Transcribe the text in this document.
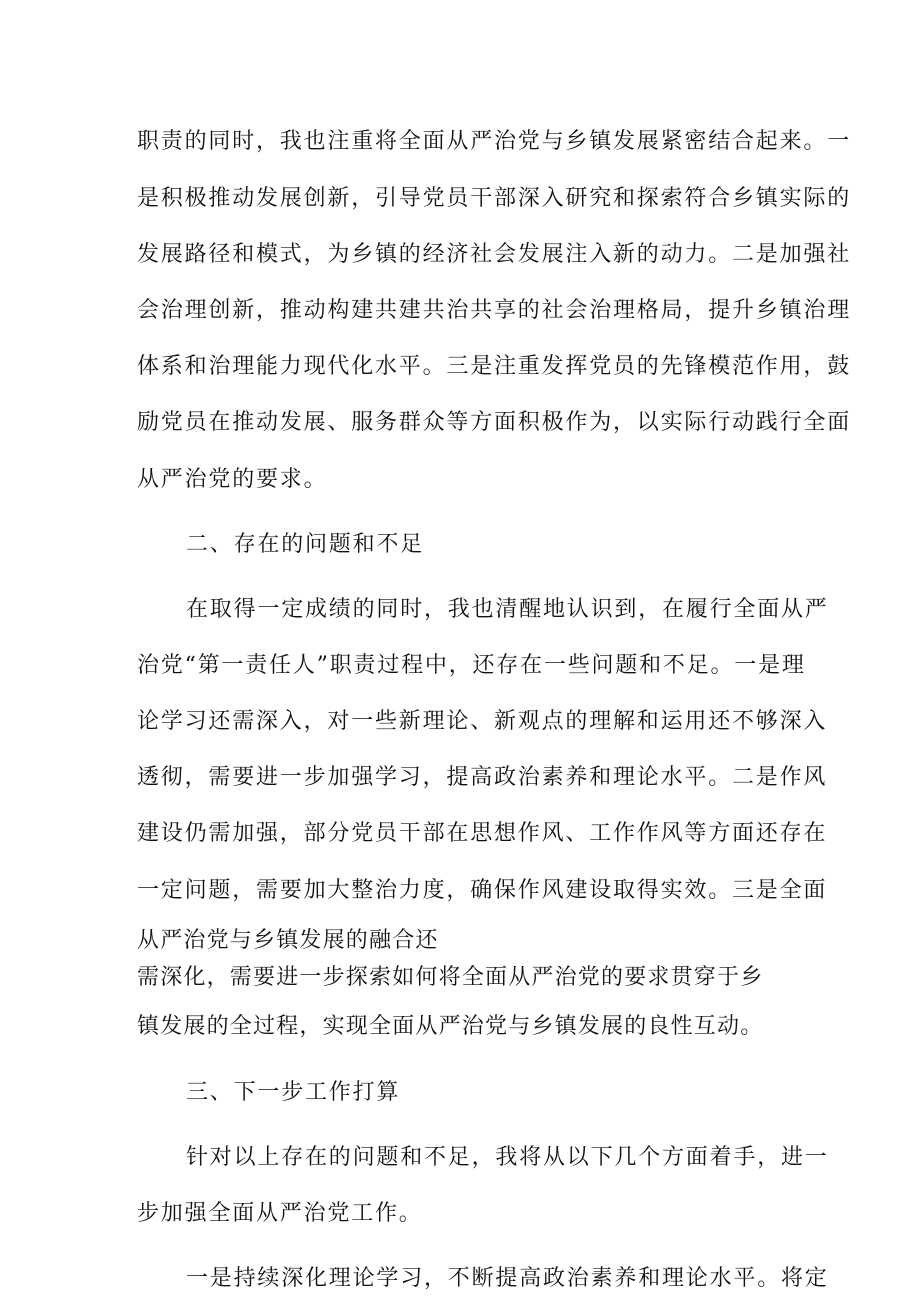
职责的同时，我也注重将全面从严治党与乡镇发展紧密结合起来。一

是积极推动发展创新，引导党员干部深入研究和探索符合乡镇实际的

发展路径和模式，为乡镇的经济社会发展注入新的动力。二是加强社

会治理创新，推动构建共建共治共享的社会治理格局，提升乡镇治理

体系和治理能力现代化水平。三是注重发挥党员的先锋模范作用，鼓

励党员在推动发展、服务群众等方面积极作为，以实际行动践行全面

从严治党的要求。

二、存在的问题和不足

在取得一定成绩的同时，我也清醒地认识到，在履行全面从严

治党“第一责任人”职责过程中，还存在一些问题和不足。一是理

论学习还需深入，对一些新理论、新观点的理解和运用还不够深入

透彻，需要进一步加强学习，提高政治素养和理论水平。二是作风

建设仍需加强，部分党员干部在思想作风、工作作风等方面还存在

一定问题，需要加大整治力度，确保作风建设取得实效。三是全面

从严治党与乡镇发展的融合还

需深化，需要进一步探索如何将全面从严治党的要求贯穿于乡

镇发展的全过程，实现全面从严治党与乡镇发展的良性互动。

三、下一步工作打算

针对以上存在的问题和不足，我将从以下几个方面着手，进一

步加强全面从严治党工作。

一是持续深化理论学习，不断提高政治素养和理论水平。将定
